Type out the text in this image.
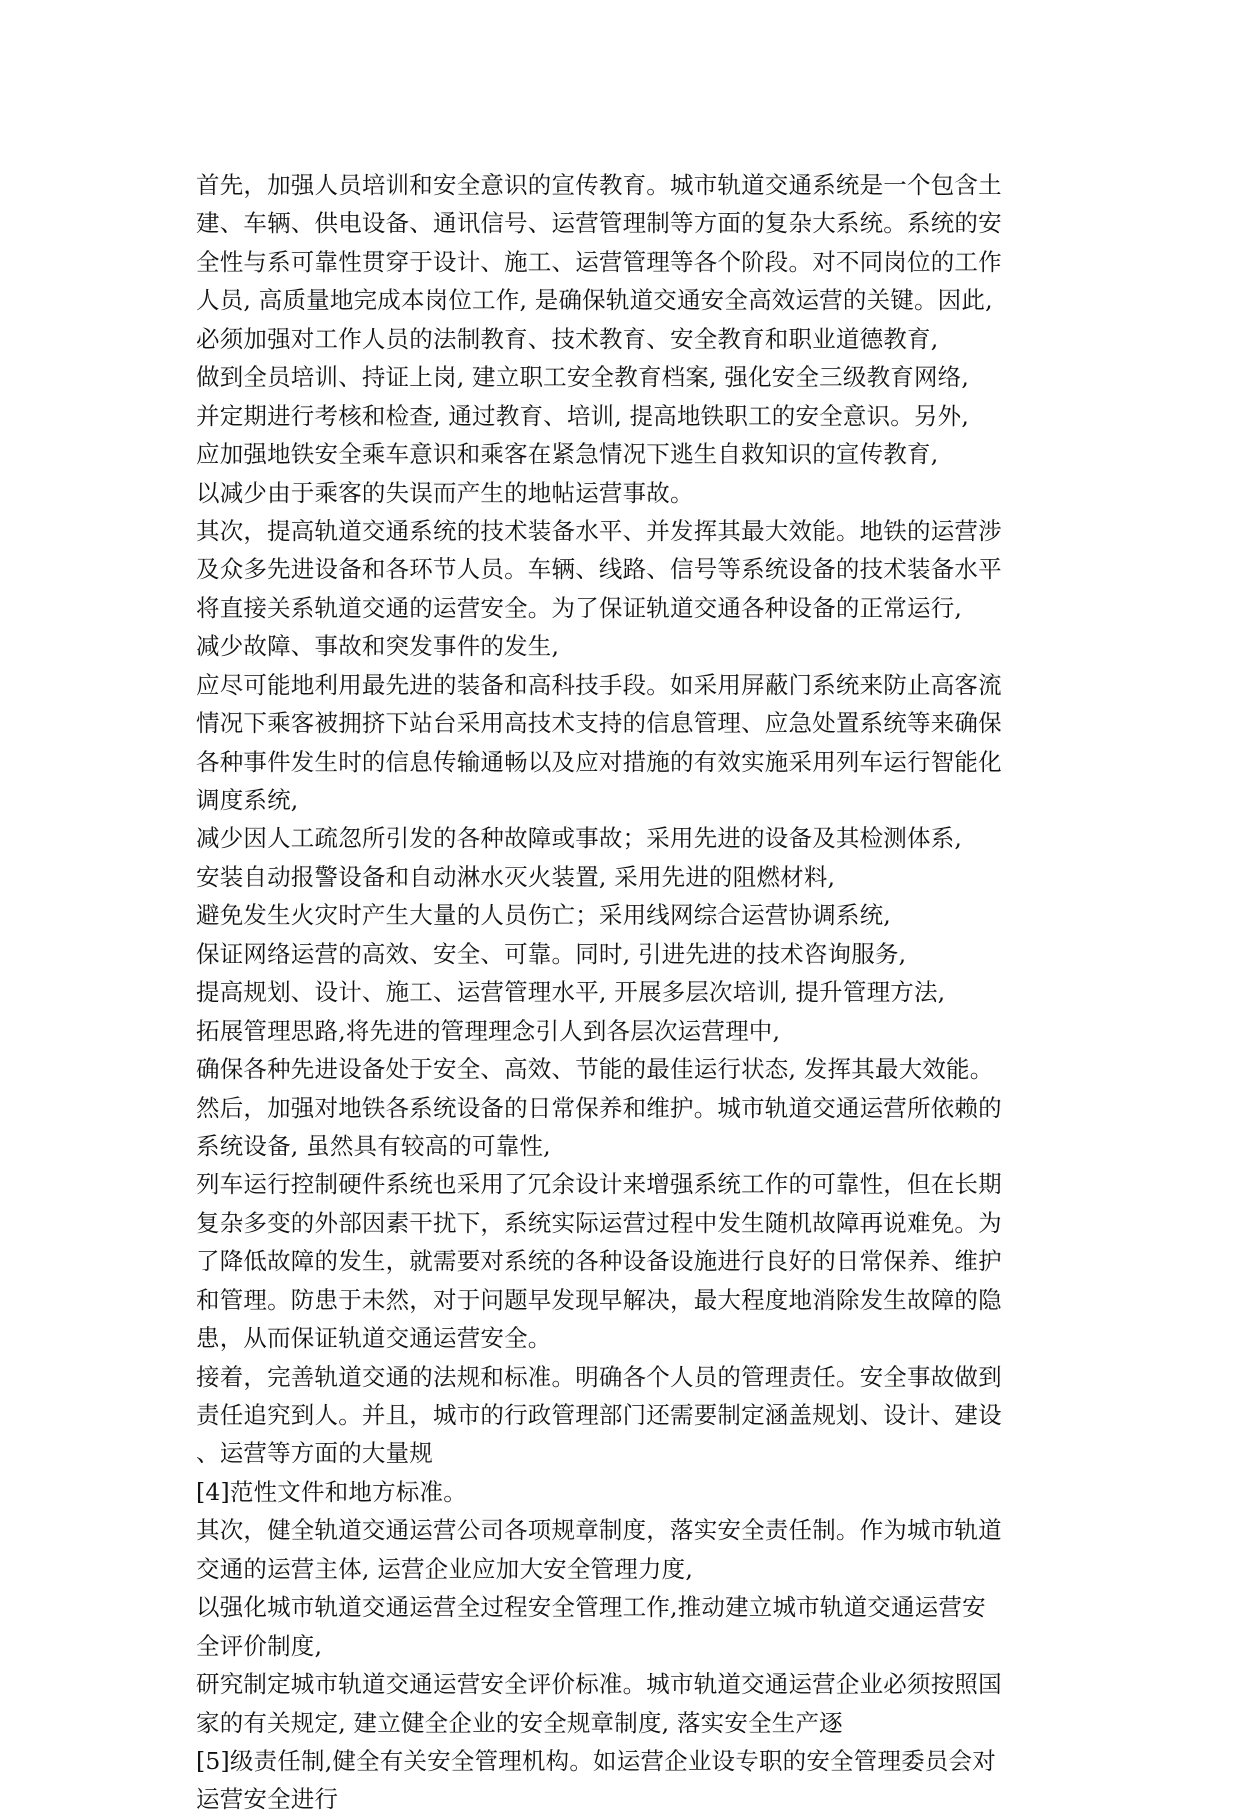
首先，加强人员培训和安全意识的宣传教育。城市轨道交通系统是一个包含土
建、车辆、供电设备、通讯信号、运营管理制等方面的复杂大系统。系统的安
全性与系可靠性贯穿于设计、施工、运营管理等各个阶段。对不同岗位的工作
人员, 高质量地完成本岗位工作, 是确保轨道交通安全高效运营的关键。因此,
必须加强对工作人员的法制教育、技术教育、安全教育和职业道德教育,
做到全员培训、持证上岗, 建立职工安全教育档案, 强化安全三级教育网络,
并定期进行考核和检查, 通过教育、培训, 提高地铁职工的安全意识。另外,
应加强地铁安全乘车意识和乘客在紧急情况下逃生自救知识的宣传教育,
以减少由于乘客的失误而产生的地帖运营事故。
其次，提高轨道交通系统的技术装备水平、并发挥其最大效能。地铁的运营涉
及众多先进设备和各环节人员。车辆、线路、信号等系统设备的技术装备水平
将直接关系轨道交通的运营安全。为了保证轨道交通各种设备的正常运行,
减少故障、事故和突发事件的发生,
应尽可能地利用最先进的装备和高科技手段。如采用屏蔽门系统来防止高客流
情况下乘客被拥挤下站台采用高技术支持的信息管理、应急处置系统等来确保
各种事件发生时的信息传输通畅以及应对措施的有效实施采用列车运行智能化
调度系统,
减少因人工疏忽所引发的各种故障或事故；采用先进的设备及其检测体系,
安装自动报警设备和自动淋水灭火装置, 采用先进的阻燃材料,
避免发生火灾时产生大量的人员伤亡；采用线网综合运营协调系统,
保证网络运营的高效、安全、可靠。同时, 引进先进的技术咨询服务,
提高规划、设计、施工、运营管理水平, 开展多层次培训, 提升管理方法,
拓展管理思路,将先进的管理理念引人到各层次运营理中,
确保各种先进设备处于安全、高效、节能的最佳运行状态, 发挥其最大效能。
然后，加强对地铁各系统设备的日常保养和维护。城市轨道交通运营所依赖的
系统设备, 虽然具有较高的可靠性,
列车运行控制硬件系统也采用了冗余设计来增强系统工作的可靠性，但在长期
复杂多变的外部因素干扰下，系统实际运营过程中发生随机故障再说难免。为
了降低故障的发生，就需要对系统的各种设备设施进行良好的日常保养、维护
和管理。防患于未然，对于问题早发现早解决，最大程度地消除发生故障的隐
患，从而保证轨道交通运营安全。
接着，完善轨道交通的法规和标准。明确各个人员的管理责任。安全事故做到
责任追究到人。并且，城市的行政管理部门还需要制定涵盖规划、设计、建设
、运营等方面的大量规
[4]范性文件和地方标准。
其次，健全轨道交通运营公司各项规章制度，落实安全责任制。作为城市轨道
交通的运营主体, 运营企业应加大安全管理力度,
以强化城市轨道交通运营全过程安全管理工作,推动建立城市轨道交通运营安
全评价制度,
研究制定城市轨道交通运营安全评价标准。城市轨道交通运营企业必须按照国
家的有关规定, 建立健全企业的安全规章制度, 落实安全生产逐
[5]级责任制,健全有关安全管理机构。如运营企业设专职的安全管理委员会对
运营安全进行
